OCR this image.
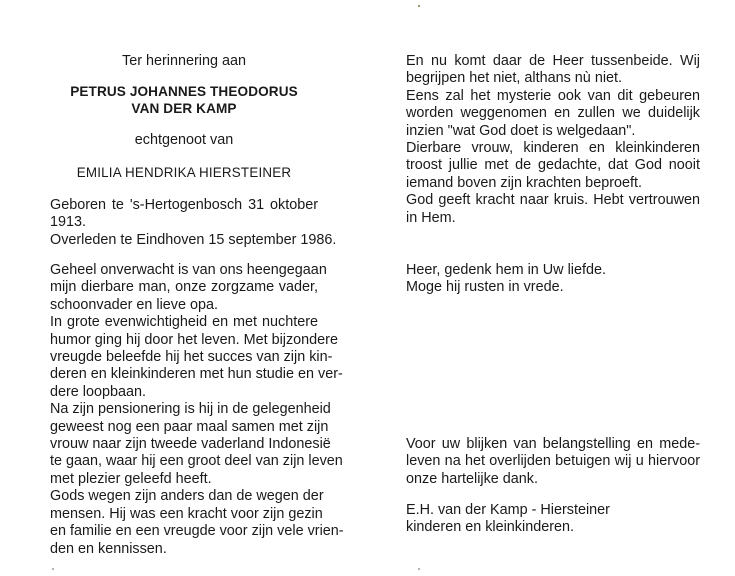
Ter herinnering aan
PETRUS JOHANNES THEODORUS
VAN DER KAMP
echtgenoot van
EMILIA HENDRIKA HIERSTEINER
Geboren te 's-Hertogenbosch 31 oktober
1913.
Overleden te Eindhoven 15 september 1986.
Geheel onverwacht is van ons heengegaan
mijn dierbare man, onze zorgzame vader,
schoonvader en lieve opa.
In grote evenwichtigheid en met nuchtere
humor ging hij door het leven. Met bijzondere
vreugde beleefde hij het succes van zijn kin-
deren en kleinkinderen met hun studie en ver-
dere loopbaan.
Na zijn pensionering is hij in de gelegenheid
geweest nog een paar maal samen met zijn
vrouw naar zijn tweede vaderland Indonesië
te gaan, waar hij een groot deel van zijn leven
met plezier geleefd heeft.
Gods wegen zijn anders dan de wegen der
mensen. Hij was een kracht voor zijn gezin
en familie en een vreugde voor zijn vele vrien-
den en kennissen.
En nu komt daar de Heer tussenbeide. Wij
begrijpen het niet, althans nù niet.
Eens zal het mysterie ook van dit gebeuren
worden weggenomen en zullen we duidelijk
inzien "wat God doet is welgedaan".
Dierbare vrouw, kinderen en kleinkinderen
troost jullie met de gedachte, dat God nooit
iemand boven zijn krachten beproeft.
God geeft kracht naar kruis. Hebt vertrouwen
in Hem.
Heer, gedenk hem in Uw liefde.
Moge hij rusten in vrede.
Voor uw blijken van belangstelling en mede-
leven na het overlijden betuigen wij u hiervoor
onze hartelijke dank.
E.H. van der Kamp - Hiersteiner
kinderen en kleinkinderen.
